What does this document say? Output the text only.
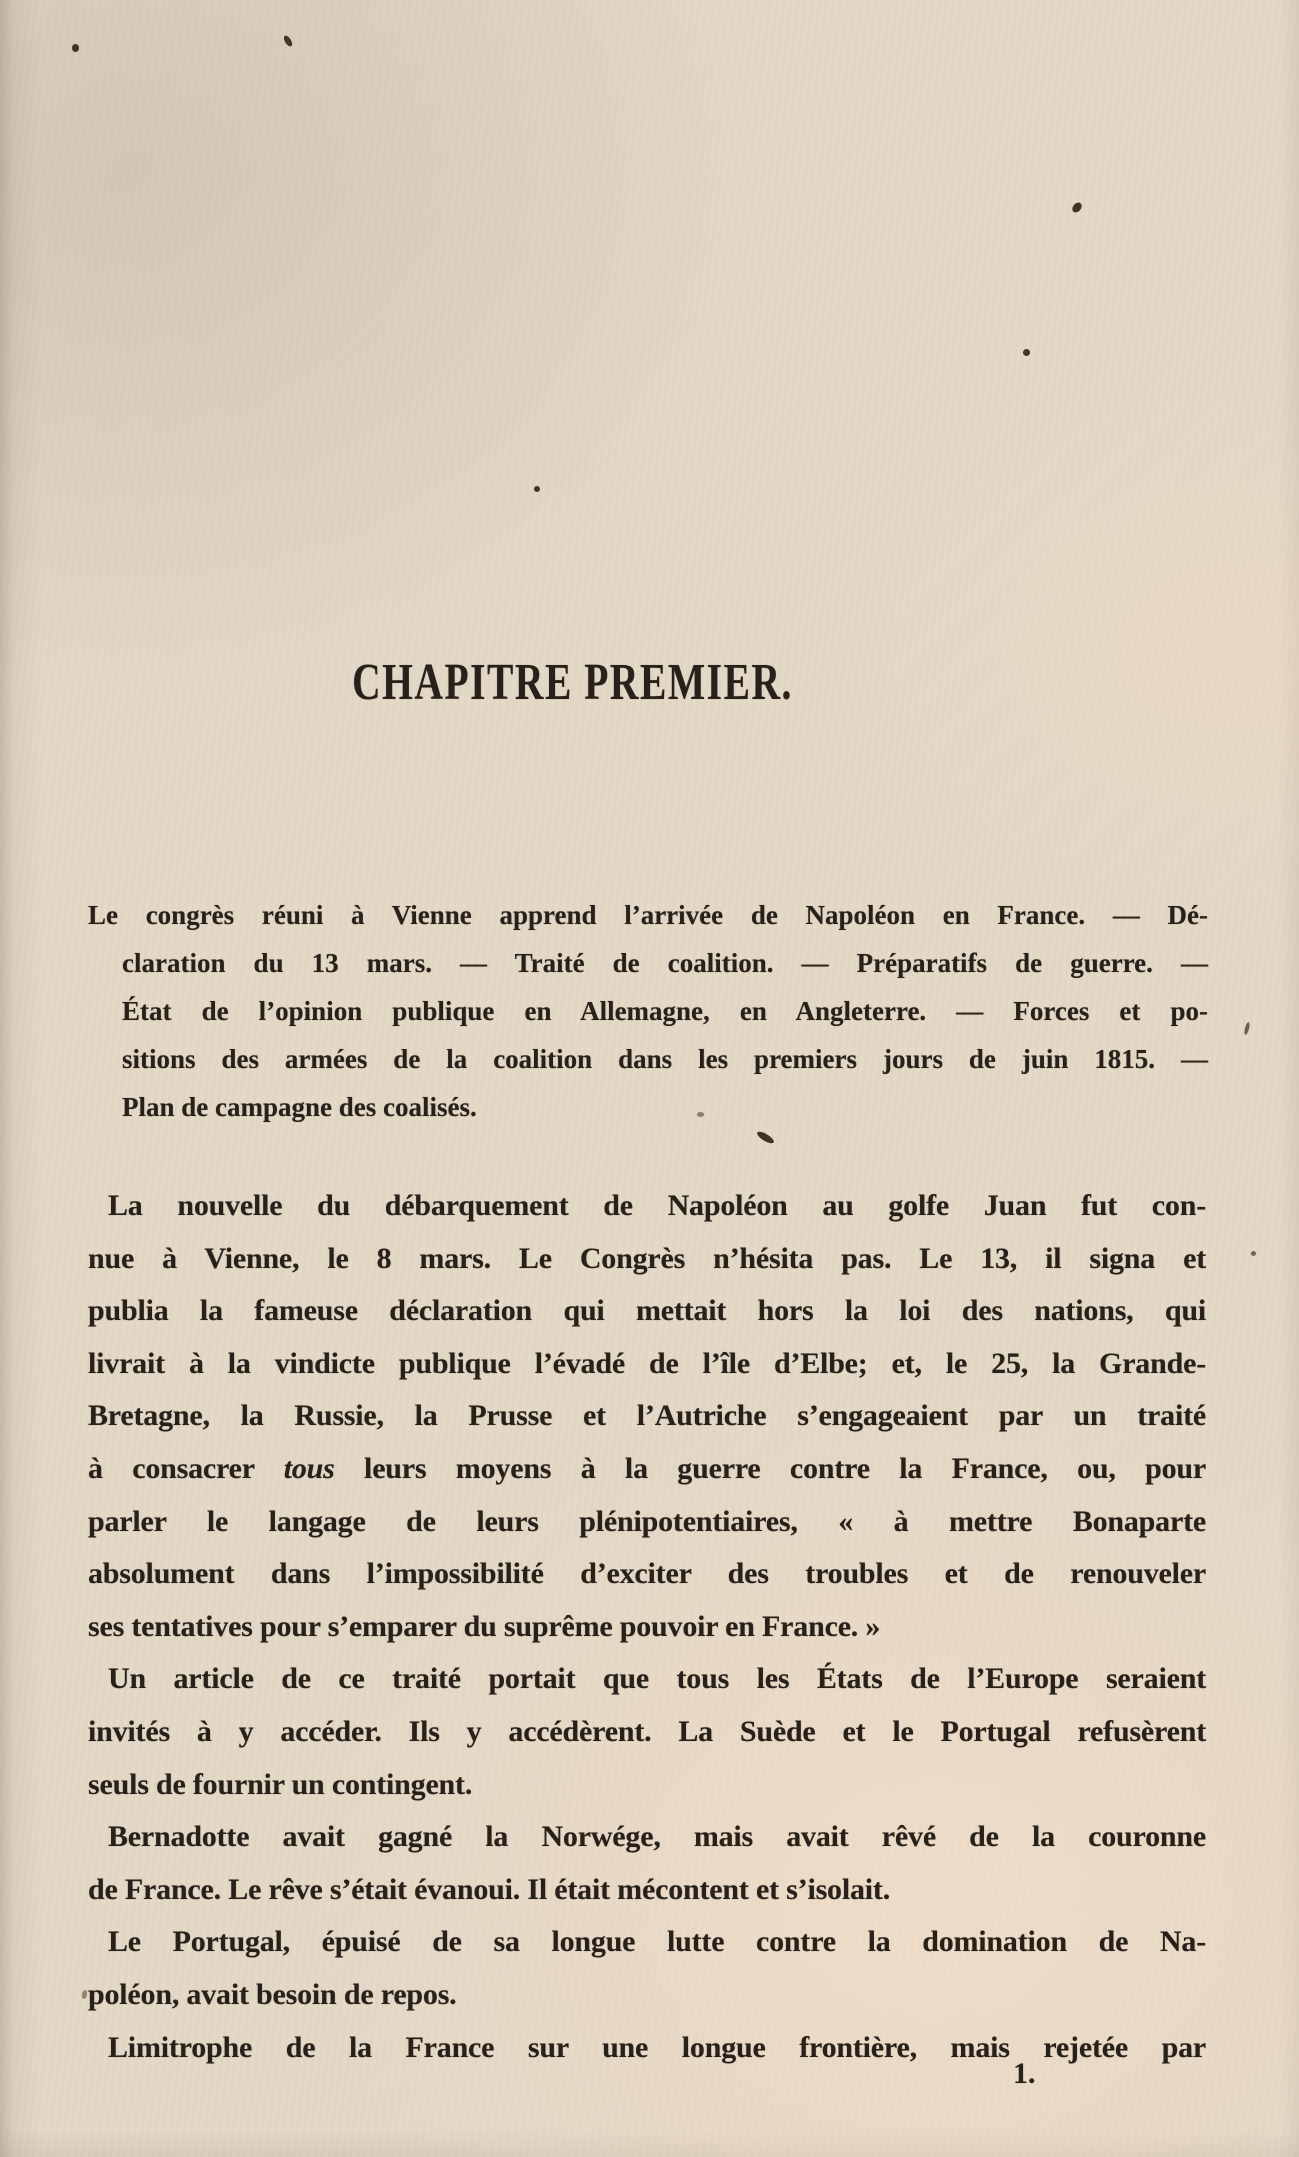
CHAPITRE PREMIER.
Le congrès réuni à Vienne apprend l’arrivée de Napoléon en France. — Dé-
claration du 13 mars. — Traité de coalition. — Préparatifs de guerre. —
État de l’opinion publique en Allemagne, en Angleterre. — Forces et po-
sitions des armées de la coalition dans les premiers jours de juin 1815. —
Plan de campagne des coalisés.
La nouvelle du débarquement de Napoléon au golfe Juan fut con-
nue à Vienne, le 8 mars. Le Congrès n’hésita pas. Le 13, il signa et
publia la fameuse déclaration qui mettait hors la loi des nations, qui
livrait à la vindicte publique l’évadé de l’île d’Elbe; et, le 25, la Grande-
Bretagne, la Russie, la Prusse et l’Autriche s’engageaient par un traité
à consacrer tous leurs moyens à la guerre contre la France, ou, pour
parler le langage de leurs plénipotentiaires, « à mettre Bonaparte
absolument dans l’impossibilité d’exciter des troubles et de renouveler
ses tentatives pour s’emparer du suprême pouvoir en France. »
Un article de ce traité portait que tous les États de l’Europe seraient
invités à y accéder. Ils y accédèrent. La Suède et le Portugal refusèrent
seuls de fournir un contingent.
Bernadotte avait gagné la Norwége, mais avait rêvé de la couronne
de France. Le rêve s’était évanoui. Il était mécontent et s’isolait.
Le Portugal, épuisé de sa longue lutte contre la domination de Na-
poléon, avait besoin de repos.
Limitrophe de la France sur une longue frontière, mais rejetée par
1.
